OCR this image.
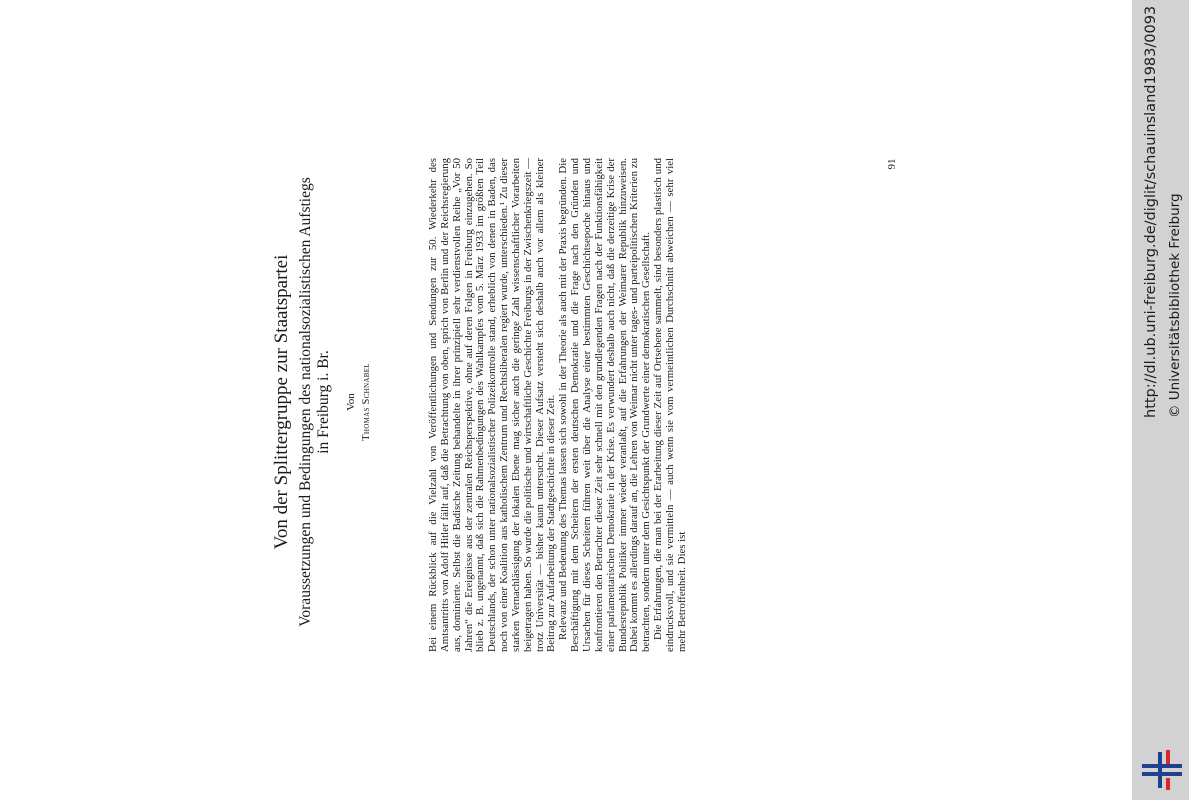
Von der Splittergruppe zur Staatspartei Voraussetzungen und Bedingungen des nationalsozialistischen Aufstiegs in Freiburg i. Br. Von Thomas Schnabel	Bei einem Rückblick auf die Vielzahl von Veröffentlichungen und Sendungen zur 50. Wiederkehr des Amtsantritts von Adolf Hitler fällt auf, daß die Betrachtung von oben, sprich von Berlin und der Reichsregierung aus, dominierte. Selbst die Badische Zeitung behandelte in ihrer prinzipiell sehr verdienstvollen Reihe „Vor 50 Jahren“ die Ereignisse aus der zentralen Reichsperspektive, ohne auf deren Folgen in Freiburg einzugehen. So blieb z. B. ungenannt, daß sich die Rahmenbedingungen des Wahlkampfes vom 5. März 1933 im größten Teil Deutschlands, der schon unter nationalsozialistischer Polizeikontrolle stand, erheblich von denen in Baden, das noch von einer Koalition aus katholischem Zentrum und Rechtsliberalen regiert wurde, unterschieden.¹ Zu dieser starken Vernachlässigung der lokalen Ebene mag sicher auch die geringe Zahl wissenschaftlicher Vorarbeiten beigetragen haben. So wurde die politische und wirtschaftliche Geschichte Freiburgs in der Zwischenkriegszeit — trotz Universität — bisher kaum untersucht. Dieser Aufsatz versteht sich deshalb auch vor allem als kleiner Beitrag zur Aufarbeitung der Stadtgeschichte in dieser Zeit. Relevanz und Bedeutung des Themas lassen sich sowohl in der Theorie als auch mit der Praxis begründen. Die Beschäftigung mit dem Scheitern der ersten deutschen Demokratie und die Frage nach den Gründen und Ursachen für dieses Scheitern führen weit über die Analyse einer bestimmten Geschichtsepoche hinaus und konfrontieren den Betrachter dieser Zeit sehr schnell mit den grundlegenden Fragen nach der Funktionsfähigkeit einer parlamentarischen Demokratie in der Krise. Es verwundert deshalb auch nicht, daß die derzeitige Krise der Bundesrepublik Politiker immer wieder veranlaßt, auf die Erfahrungen der Weimarer Republik hinzuweisen. Dabei kommt es allerdings darauf an, die Lehren von Weimar nicht unter tages- und parteipolitischen Kriterien zu betrachten, sondern unter dem Gesichtspunkt der Grundwerte einer demokratischen Gesellschaft. Die Erfahrungen, die man bei der Erarbeitung dieser Zeit auf Ortsebene sammelt, sind besonders plastisch und eindrucksvoll, und sie vermitteln — auch wenn sie vom vermeintlichen Durchschnitt abweichen — sehr viel mehr Betroffenheit. Dies ist

91	http://dl.ub.uni-freiburg.de/diglit/schauinsland1983/0093 © Universitätsbibliothek Freiburg
